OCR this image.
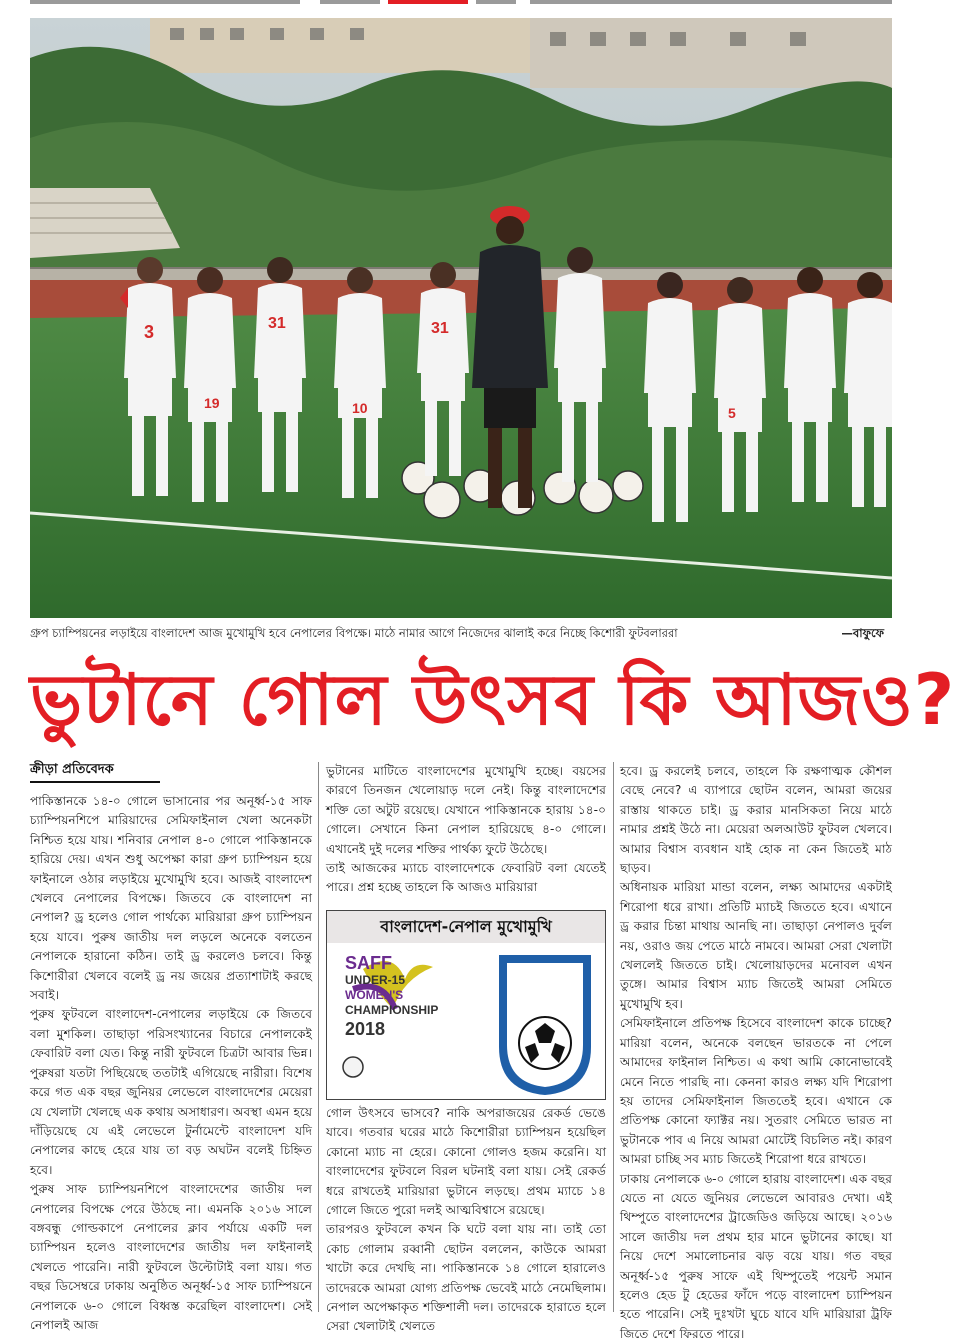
3
19
31
10
31
5
গ্রুপ চ্যাম্পিয়নের লড়াইয়ে বাংলাদেশ আজ মুখোমুখি হবে নেপালের বিপক্ষে। মাঠে নামার আগে নিজেদের ঝালাই করে নিচ্ছে কিশোরী ফুটবলাররা	—বাফুফে
ভুটানে গোল উৎসব কি আজও?
ক্রীড়া প্রতিবেদক

পাকিস্তানকে ১৪-০ গোলে ভাসানোর পর অনূর্ধ্ব-১৫ সাফ চ্যাম্পিয়নশিপে মারিয়াদের সেমিফাইনাল খেলা অনেকটা নিশ্চিত হয়ে যায়। শনিবার নেপাল ৪-০ গোলে পাকিস্তানকে হারিয়ে দেয়। এখন শুধু অপেক্ষা কারা গ্রুপ চ্যাম্পিয়ন হয়ে ফাইনালে ওঠার লড়াইয়ে মুখোমুখি হবে। আজই বাংলাদেশ খেলবে নেপালের বিপক্ষে। জিতবে কে বাংলাদেশ না নেপাল? ড্র হলেও গোল পার্থক্যে মারিয়ারা গ্রুপ চ্যাম্পিয়ন হয়ে যাবে। পুরুষ জাতীয় দল লড়লে অনেকে বলতেন নেপালকে হারানো কঠিন। তাই ড্র করলেও চলবে। কিন্তু কিশোরীরা খেলবে বলেই ড্র নয় জয়ের প্রত্যাশাটাই করছে সবাই।

পুরুষ ফুটবলে বাংলাদেশ-নেপালের লড়াইয়ে কে জিতবে বলা মুশকিল। তাছাড়া পরিসংখ্যানের বিচারে নেপালকেই ফেবারিট বলা যেত। কিন্তু নারী ফুটবলে চিত্রটা আবার ভিন্ন। পুরুষরা যতটা পিছিয়েছে ততটাই এগিয়েছে নারীরা। বিশেষ করে গত এক বছর জুনিয়র লেভেলে বাংলাদেশের মেয়েরা যে খেলাটা খেলছে এক কথায় অসাধারণ। অবস্থা এমন হয়ে দাঁড়িয়েছে যে এই লেভেলে টুর্নামেন্টে বাংলাদেশ যদি নেপালের কাছে হেরে যায় তা বড় অঘটন বলেই চিহ্নিত হবে।

পুরুষ সাফ চ্যাম্পিয়নশিপে বাংলাদেশের জাতীয় দল নেপালের বিপক্ষে পেরে উঠছে না। এমনকি ২০১৬ সালে বঙ্গবন্ধু গোল্ডকাপে নেপালের ক্লাব পর্যায়ে একটি দল চ্যাম্পিয়ন হলেও বাংলাদেশের জাতীয় দল ফাইনালই খেলতে পারেনি। নারী ফুটবলে উল্টোটাই বলা যায়। গত বছর ডিসেম্বরে ঢাকায় অনুষ্ঠিত অনূর্ধ্ব-১৫ সাফ চ্যাম্পিয়নে নেপালকে ৬-০ গোলে বিধ্বস্ত করেছিল বাংলাদেশ। সেই নেপালই আজ

ভুটানের মাটিতে বাংলাদেশের মুখোমুখি হচ্ছে। বয়সের কারণে তিনজন খেলোয়াড় দলে নেই। কিন্তু বাংলাদেশের শক্তি তো অটুট রয়েছে। যেখানে পাকিস্তানকে হারায় ১৪-০ গোলে। সেখানে কিনা নেপাল হারিয়েছে ৪-০ গোলে। এখানেই দুই দলের শক্তির পার্থক্য ফুটে উঠেছে।

তাই আজকের ম্যাচে বাংলাদেশকে ফেবারিট বলা যেতেই পারে। প্রশ্ন হচ্ছে তাহলে কি আজও মারিয়ারা

বাংলাদেশ-নেপাল মুখোমুখি
SAFF
UNDER-15
WOMEN'S
CHAMPIONSHIP
2018

গোল উৎসবে ভাসবে? নাকি অপরাজয়ের রেকর্ড ভেঙে যাবে। গতবার ঘরের মাঠে কিশোরীরা চ্যাম্পিয়ন হয়েছিল কোনো ম্যাচ না হেরে। কোনো গোলও হজম করেনি। যা বাংলাদেশের ফুটবলে বিরল ঘটনাই বলা যায়। সেই রেকর্ড ধরে রাখতেই মারিয়ারা ভুটানে লড়ছে। প্রথম ম্যাচে ১৪ গোলে জিতে পুরো দলই আত্মবিশ্বাসে রয়েছে।

তারপরও ফুটবলে কখন কি ঘটে বলা যায় না। তাই তো কোচ গোলাম রব্বানী ছোটন বললেন, কাউকে আমরা খাটো করে দেখছি না। পাকিস্তানকে ১৪ গোলে হারালেও তাদেরকে আমরা যোগ্য প্রতিপক্ষ ভেবেই মাঠে নেমেছিলাম। নেপাল অপেক্ষাকৃত শক্তিশালী দল। তাদেরকে হারাতে হলে সেরা খেলাটাই খেলতে

হবে। ড্র করলেই চলবে, তাহলে কি রক্ষণাত্মক কৌশল বেছে নেবে? এ ব্যাপারে ছোটন বলেন, আমরা জয়ের রাস্তায় থাকতে চাই। ড্র করার মানসিকতা নিয়ে মাঠে নামার প্রশ্নই উঠে না। মেয়েরা অলআউট ফুটবল খেলবে। আমার বিশ্বাস ব্যবধান যাই হোক না কেন জিতেই মাঠ ছাড়ব।

অধিনায়ক মারিয়া মান্ডা বলেন, লক্ষ্য আমাদের একটাই শিরোপা ধরে রাখা। প্রতিটি ম্যাচই জিততে হবে। এখানে ড্র করার চিন্তা মাথায় আনছি না। তাছাড়া নেপালও দুর্বল নয়, ওরাও জয় পেতে মাঠে নামবে। আমরা সেরা খেলাটা খেললেই জিততে চাই। খেলোয়াড়দের মনোবল এখন তুঙ্গে। আমার বিশ্বাস ম্যাচ জিতেই আমরা সেমিতে মুখোমুখি হব।

সেমিফাইনালে প্রতিপক্ষ হিসেবে বাংলাদেশ কাকে চাচ্ছে? মারিয়া বলেন, অনেকে বলছেন ভারতকে না পেলে আমাদের ফাইনাল নিশ্চিত। এ কথা আমি কোনোভাবেই মেনে নিতে পারছি না। কেননা কারও লক্ষ্য যদি শিরোপা হয় তাদের সেমিফাইনাল জিততেই হবে। এখানে কে প্রতিপক্ষ কোনো ফ্যাক্টর নয়। সুতরাং সেমিতে ভারত না ভুটানকে পাব এ নিয়ে আমরা মোটেই বিচলিত নই। কারণ আমরা চাচ্ছি সব ম্যাচ জিতেই শিরোপা ধরে রাখতে।

ঢাকায় নেপালকে ৬-০ গোলে হারায় বাংলাদেশ। এক বছর যেতে না যেতে জুনিয়র লেভেলে আবারও দেখা। এই থিম্পুতে বাংলাদেশের ট্রাজেডিও জড়িয়ে আছে। ২০১৬ সালে জাতীয় দল প্রথম হার মানে ভুটানের কাছে। যা নিয়ে দেশে সমালোচনার ঝড় বয়ে যায়। গত বছর অনূর্ধ্ব-১৫ পুরুষ সাফে এই থিম্পুতেই পয়েন্ট সমান হলেও হেড টু হেডের ফাঁদে পড়ে বাংলাদেশ চ্যাম্পিয়ন হতে পারেনি। সেই দুঃখটা ঘুচে যাবে যদি মারিয়ারা ট্রফি জিতে দেশে ফিরতে পারে।
